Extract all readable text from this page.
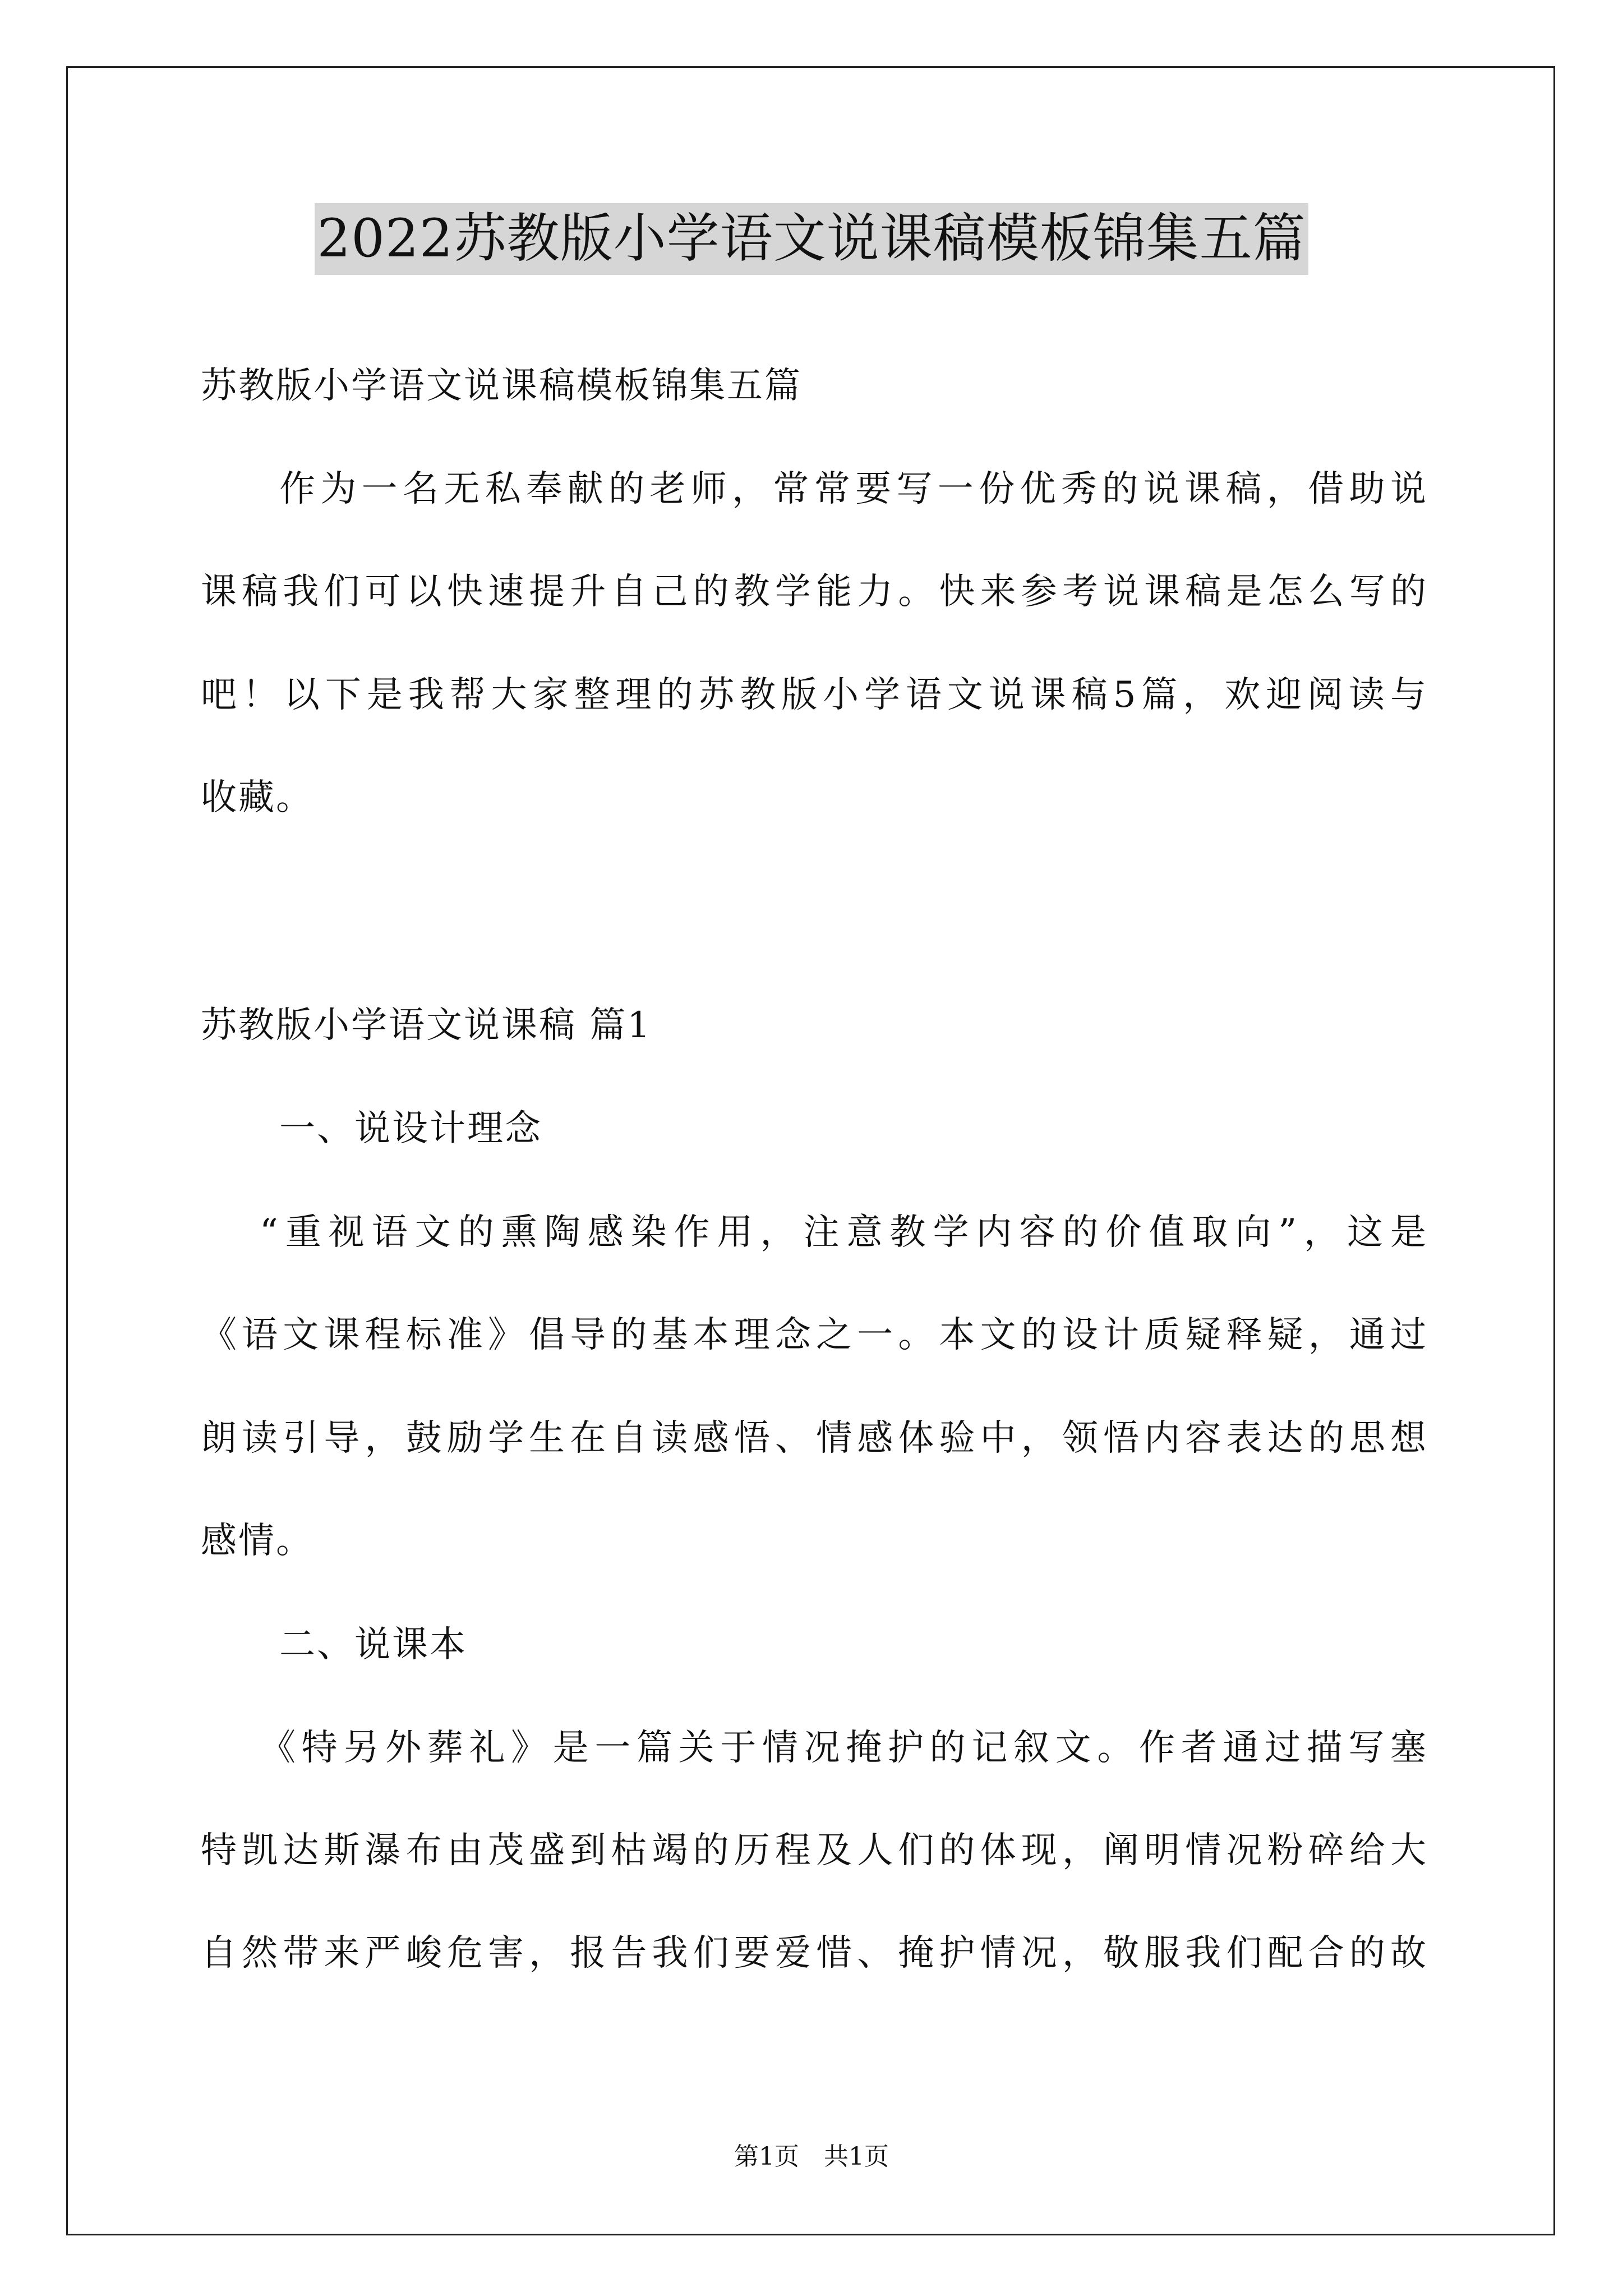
2022苏教版小学语文说课稿模板锦集五篇
苏教版小学语文说课稿模板锦集五篇
作为一名无私奉献的老师，常常要写一份优秀的说课稿，借助说
课稿我们可以快速提升自己的教学能力。快来参考说课稿是怎么写的
吧！以下是我帮大家整理的苏教版小学语文说课稿5篇，欢迎阅读与
收藏。
苏教版小学语文说课稿 篇1
一、说设计理念
“重视语文的熏陶感染作用，注意教学内容的价值取向”，这是
《语文课程标准》倡导的基本理念之一。本文的设计质疑释疑，通过
朗读引导，鼓励学生在自读感悟、情感体验中，领悟内容表达的思想
感情。
二、说课本
《特另外葬礼》是一篇关于情况掩护的记叙文。作者通过描写塞
特凯达斯瀑布由茂盛到枯竭的历程及人们的体现，阐明情况粉碎给大
自然带来严峻危害，报告我们要爱惜、掩护情况，敬服我们配合的故
第1页　共1页
